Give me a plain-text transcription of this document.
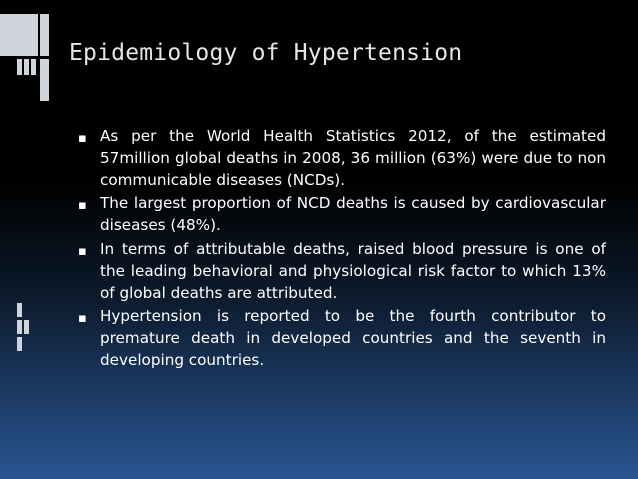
Epidemiology of Hypertension
▪ As per the World Health Statistics 2012, of the estimated 57million global deaths in 2008, 36 million (63%) were due to non communicable diseases (NCDs).
▪ The largest proportion of NCD deaths is caused by cardiovascular diseases (48%).
▪ In terms of attributable deaths, raised blood pressure is one of the leading behavioral and physiological risk factor to which 13% of global deaths are attributed.
▪ Hypertension is reported to be the fourth contributor to premature death in developed countries and the seventh in developing countries.
